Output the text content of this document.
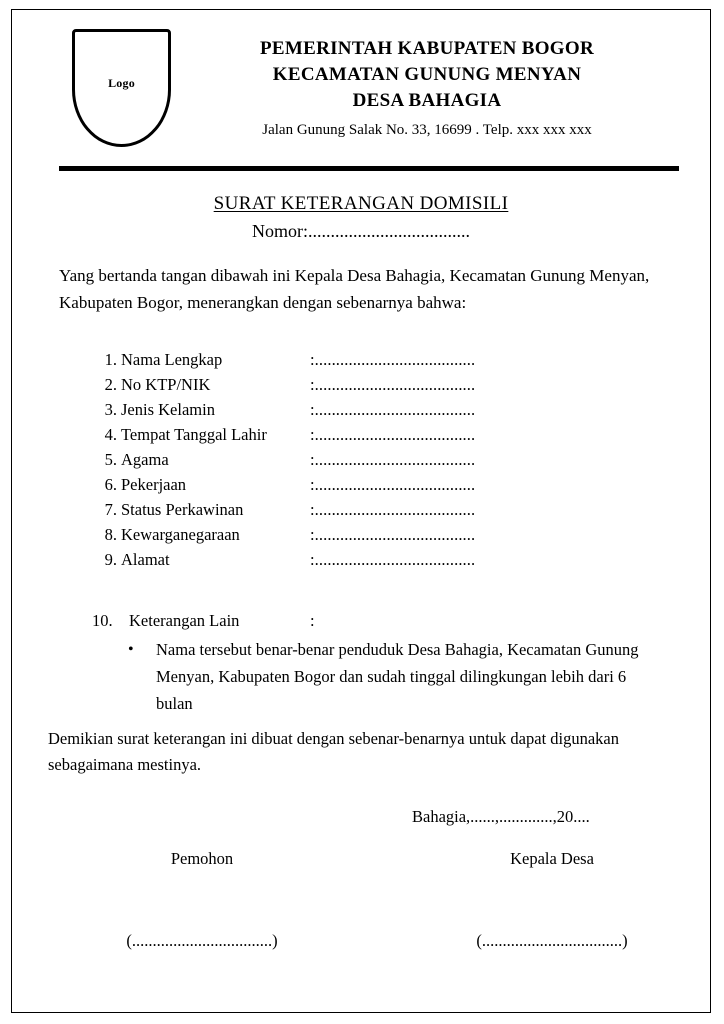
Logo
PEMERINTAH KABUPATEN BOGOR
KECAMATAN GUNUNG MENYAN
DESA BAHAGIA
Jalan Gunung Salak No. 33, 16699 . Telp. xxx xxx xxx
SURAT KETERANGAN DOMISILI
Nomor:....................................
Yang bertanda tangan dibawah ini Kepala Desa Bahagia, Kecamatan Gunung Menyan, Kabupaten Bogor, menerangkan dengan sebenarnya bahwa:
1. Nama Lengkap	:......................................
2. No KTP/NIK	:......................................
3. Jenis Kelamin	:......................................
4. Tempat Tanggal Lahir	:......................................
5. Agama	:......................................
6. Pekerjaan	:......................................
7. Status Perkawinan	:......................................
8. Kewarganegaraan	:......................................
9. Alamat	:......................................
10. Keterangan Lain	:
• Nama tersebut benar-benar penduduk Desa Bahagia, Kecamatan Gunung Menyan, Kabupaten Bogor dan sudah tinggal dilingkungan lebih dari 6 bulan
Demikian surat keterangan ini dibuat dengan sebenar-benarnya untuk dapat digunakan sebagaimana mestinya.
Bahagia,......,.............,20....
Pemohon	Kepala Desa
(..................................)	(..................................)
